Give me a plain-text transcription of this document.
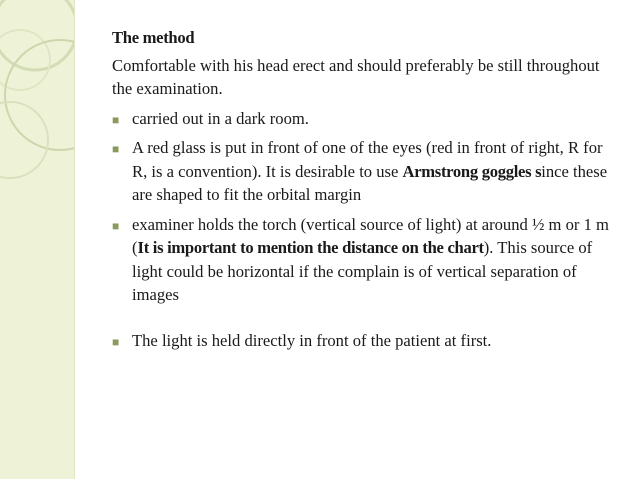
The method
Comfortable with his head erect and should preferably be still throughout the examination.
■ carried out in a dark room.
■ A red glass is put in front of one of the eyes (red in front of right, R for R, is a convention). It is desirable to use Armstrong goggles since these are shaped to fit the orbital margin
■ examiner holds the torch (vertical source of light) at around ½ m or 1 m (It is important to mention the distance on the chart). This source of light could be horizontal if the complain is of vertical separation of images
■ The light is held directly in front of the patient at first.
